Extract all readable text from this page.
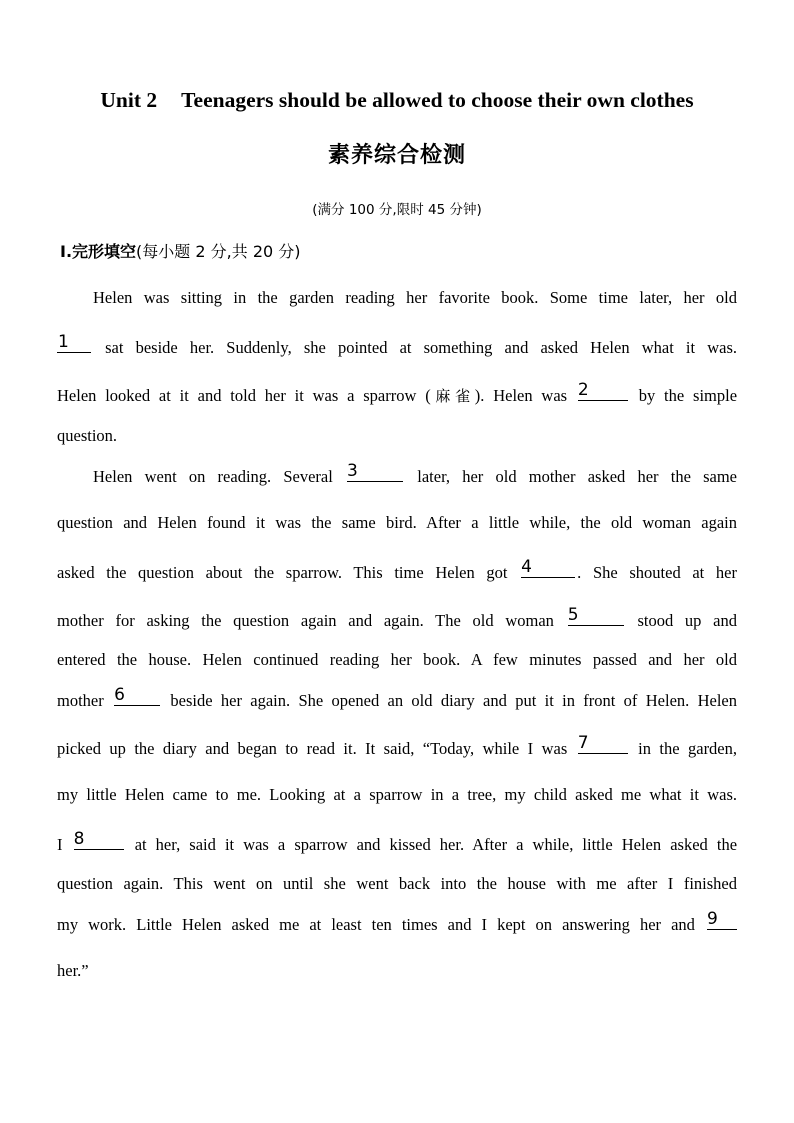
Unit 2 Teenagers should be allowed to choose their own clothes
素养综合检测
(满分 100 分,限时 45 分钟)
Ⅰ.完形填空(每小题 2 分,共 20 分)
Helen was sitting in the garden reading her favorite book. Some time later, her old
1	sat beside her. Suddenly, she pointed at something and asked Helen what it was.
Helen looked at it and told her it was a sparrow (麻雀). Helen was 2	by the simple
question.
Helen went on reading. Several 3	later, her old mother asked her the same
question and Helen found it was the same bird. After a little while, the old woman again
asked the question about the sparrow. This time Helen got 4	. She shouted at her
mother for asking the question again and again. The old woman 5	stood up and
entered the house. Helen continued reading her book. A few minutes passed and her old
mother 6	beside her again. She opened an old diary and put it in front of Helen. Helen
picked up the diary and began to read it. It said, “Today, while I was 7	in the garden,
my little Helen came to me. Looking at a sparrow in a tree, my child asked me what it was.
I 8	at her, said it was a sparrow and kissed her. After a while, little Helen asked the
question again. This went on until she went back into the house with me after I finished
my work. Little Helen asked me at least ten times and I kept on answering her and 9
her.”
